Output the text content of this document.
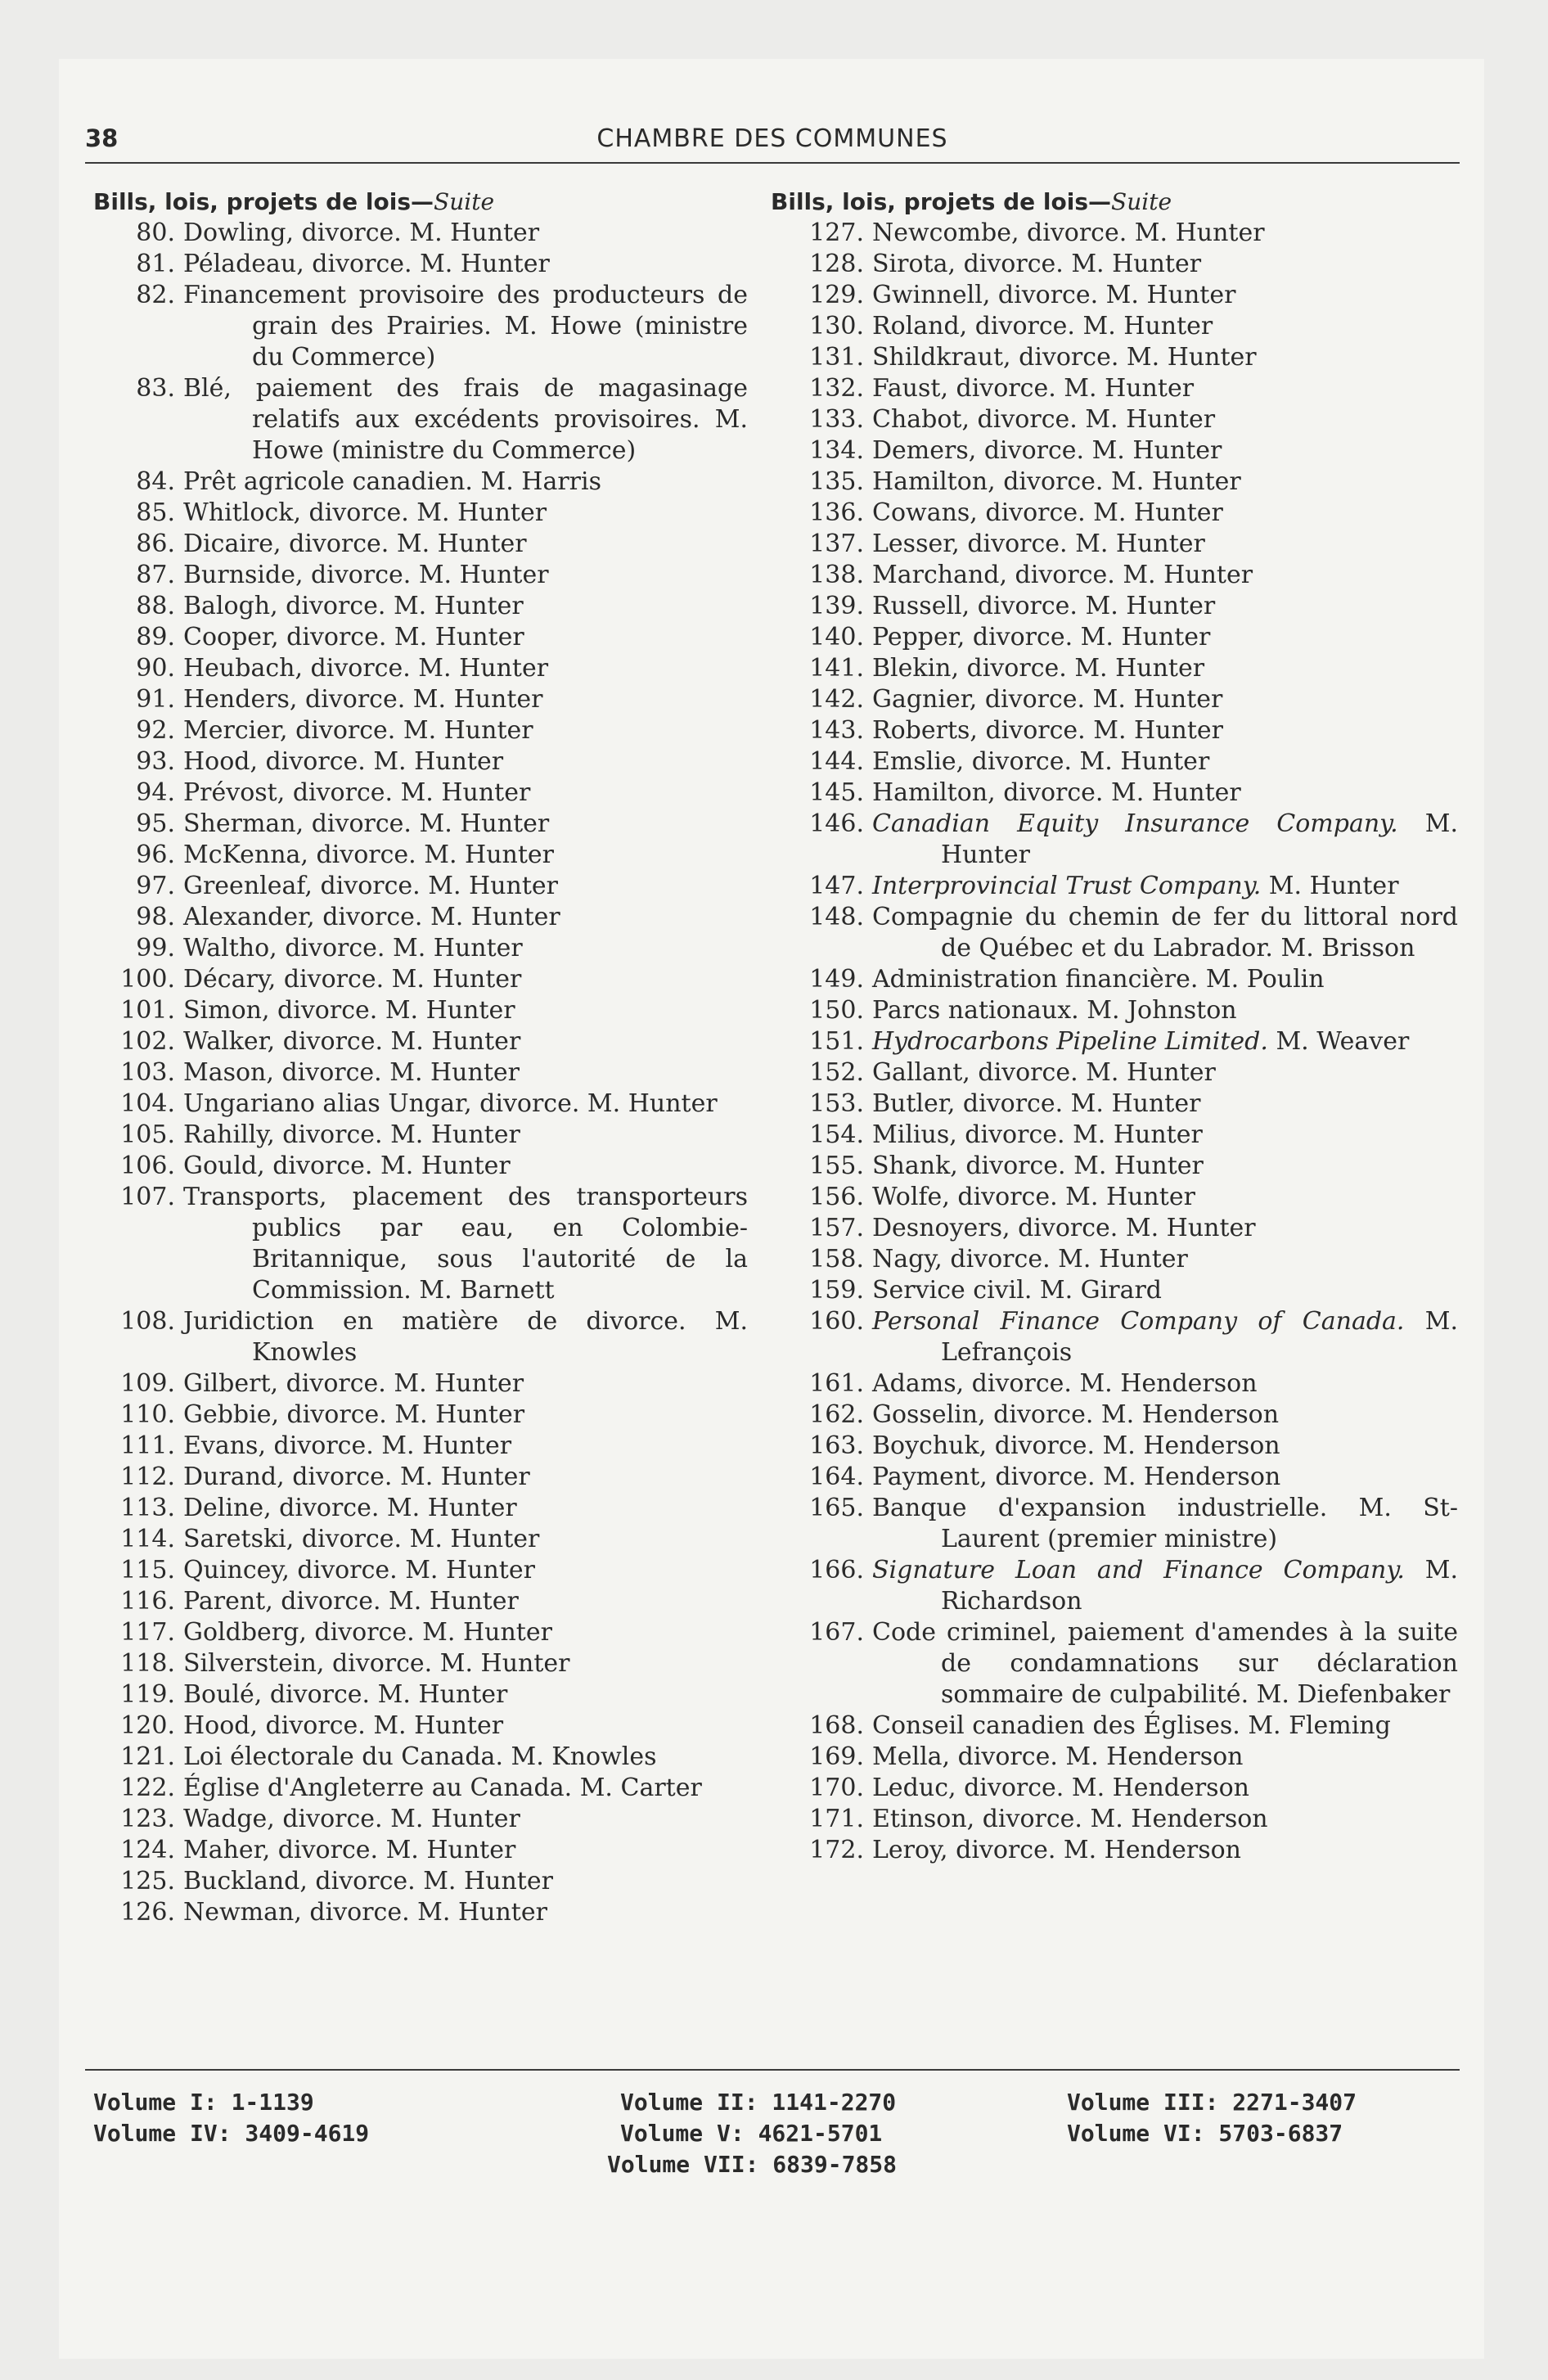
38	CHAMBRE DES COMMUNES
Bills, lois, projets de lois—Suite
80. Dowling, divorce. M. Hunter
81. Péladeau, divorce. M. Hunter
82. Financement provisoire des producteurs de grain des Prairies. M. Howe (ministre du Commerce)
83. Blé, paiement des frais de magasinage relatifs aux excédents provisoires. M. Howe (ministre du Commerce)
84. Prêt agricole canadien. M. Harris
85. Whitlock, divorce. M. Hunter
86. Dicaire, divorce. M. Hunter
87. Burnside, divorce. M. Hunter
88. Balogh, divorce. M. Hunter
89. Cooper, divorce. M. Hunter
90. Heubach, divorce. M. Hunter
91. Henders, divorce. M. Hunter
92. Mercier, divorce. M. Hunter
93. Hood, divorce. M. Hunter
94. Prévost, divorce. M. Hunter
95. Sherman, divorce. M. Hunter
96. McKenna, divorce. M. Hunter
97. Greenleaf, divorce. M. Hunter
98. Alexander, divorce. M. Hunter
99. Waltho, divorce. M. Hunter
100. Décary, divorce. M. Hunter
101. Simon, divorce. M. Hunter
102. Walker, divorce. M. Hunter
103. Mason, divorce. M. Hunter
104. Ungariano alias Ungar, divorce. M. Hunter
105. Rahilly, divorce. M. Hunter
106. Gould, divorce. M. Hunter
107. Transports, placement des transporteurs publics par eau, en Colombie-Britannique, sous l'autorité de la Commission. M. Barnett
108. Juridiction en matière de divorce. M. Knowles
109. Gilbert, divorce. M. Hunter
110. Gebbie, divorce. M. Hunter
111. Evans, divorce. M. Hunter
112. Durand, divorce. M. Hunter
113. Deline, divorce. M. Hunter
114. Saretski, divorce. M. Hunter
115. Quincey, divorce. M. Hunter
116. Parent, divorce. M. Hunter
117. Goldberg, divorce. M. Hunter
118. Silverstein, divorce. M. Hunter
119. Boulé, divorce. M. Hunter
120. Hood, divorce. M. Hunter
121. Loi électorale du Canada. M. Knowles
122. Église d'Angleterre au Canada. M. Carter
123. Wadge, divorce. M. Hunter
124. Maher, divorce. M. Hunter
125. Buckland, divorce. M. Hunter
126. Newman, divorce. M. Hunter
Bills, lois, projets de lois—Suite
127. Newcombe, divorce. M. Hunter
128. Sirota, divorce. M. Hunter
129. Gwinnell, divorce. M. Hunter
130. Roland, divorce. M. Hunter
131. Shildkraut, divorce. M. Hunter
132. Faust, divorce. M. Hunter
133. Chabot, divorce. M. Hunter
134. Demers, divorce. M. Hunter
135. Hamilton, divorce. M. Hunter
136. Cowans, divorce. M. Hunter
137. Lesser, divorce. M. Hunter
138. Marchand, divorce. M. Hunter
139. Russell, divorce. M. Hunter
140. Pepper, divorce. M. Hunter
141. Blekin, divorce. M. Hunter
142. Gagnier, divorce. M. Hunter
143. Roberts, divorce. M. Hunter
144. Emslie, divorce. M. Hunter
145. Hamilton, divorce. M. Hunter
146. Canadian Equity Insurance Company. M. Hunter
147. Interprovincial Trust Company. M. Hunter
148. Compagnie du chemin de fer du littoral nord de Québec et du Labrador. M. Brisson
149. Administration financière. M. Poulin
150. Parcs nationaux. M. Johnston
151. Hydrocarbons Pipeline Limited. M. Weaver
152. Gallant, divorce. M. Hunter
153. Butler, divorce. M. Hunter
154. Milius, divorce. M. Hunter
155. Shank, divorce. M. Hunter
156. Wolfe, divorce. M. Hunter
157. Desnoyers, divorce. M. Hunter
158. Nagy, divorce. M. Hunter
159. Service civil. M. Girard
160. Personal Finance Company of Canada. M. Lefrançois
161. Adams, divorce. M. Henderson
162. Gosselin, divorce. M. Henderson
163. Boychuk, divorce. M. Henderson
164. Payment, divorce. M. Henderson
165. Banque d'expansion industrielle. M. St-Laurent (premier ministre)
166. Signature Loan and Finance Company. M. Richardson
167. Code criminel, paiement d'amendes à la suite de condamnations sur déclaration sommaire de culpabilité. M. Diefenbaker
168. Conseil canadien des Églises. M. Fleming
169. Mella, divorce. M. Henderson
170. Leduc, divorce. M. Henderson
171. Etinson, divorce. M. Henderson
172. Leroy, divorce. M. Henderson
Volume I: 1-1139
Volume IV: 3409-4619
Volume II: 1141-2270
Volume V: 4621-5701
Volume VII: 6839-7858
Volume III: 2271-3407
Volume VI: 5703-6837
